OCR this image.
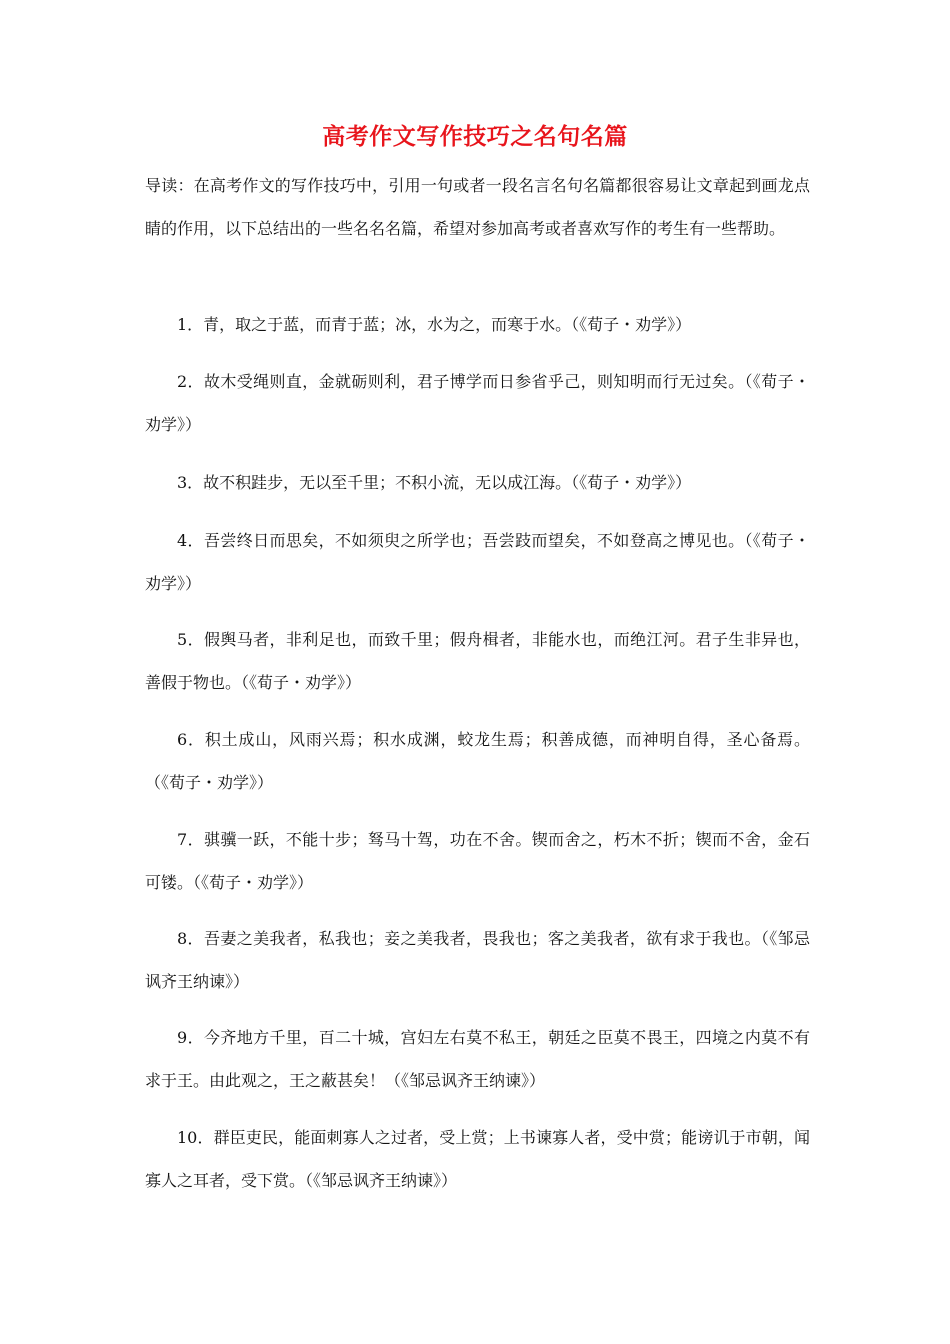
高考作文写作技巧之名句名篇
导读：在高考作文的写作技巧中，引用一句或者一段名言名句名篇都很容易让文章起到画龙点睛的作用，以下总结出的一些名名名篇，希望对参加高考或者喜欢写作的考生有一些帮助。
1．青，取之于蓝，而青于蓝；冰，水为之，而寒于水。（《荀子・劝学》）
2．故木受绳则直，金就砺则利，君子博学而日参省乎己，则知明而行无过矣。（《荀子・劝学》）
3．故不积跬步，无以至千里；不积小流，无以成江海。（《荀子・劝学》）
4．吾尝终日而思矣，不如须臾之所学也；吾尝跂而望矣，不如登高之博见也。（《荀子・劝学》）
5．假舆马者，非利足也，而致千里；假舟楫者，非能水也，而绝江河。君子生非异也，善假于物也。（《荀子・劝学》）
6．积土成山，风雨兴焉；积水成渊，蛟龙生焉；积善成德，而神明自得，圣心备焉。（《荀子・劝学》）
7．骐骥一跃，不能十步；驽马十驾，功在不舍。锲而舍之，朽木不折；锲而不舍，金石可镂。（《荀子・劝学》）
8．吾妻之美我者，私我也；妾之美我者，畏我也；客之美我者，欲有求于我也。（《邹忌讽齐王纳谏》）
9．今齐地方千里，百二十城，宫妇左右莫不私王，朝廷之臣莫不畏王，四境之内莫不有求于王。由此观之，王之蔽甚矣！（《邹忌讽齐王纳谏》）
10．群臣吏民，能面刺寡人之过者，受上赏；上书谏寡人者，受中赏；能谤讥于市朝，闻寡人之耳者，受下赏。（《邹忌讽齐王纳谏》）
